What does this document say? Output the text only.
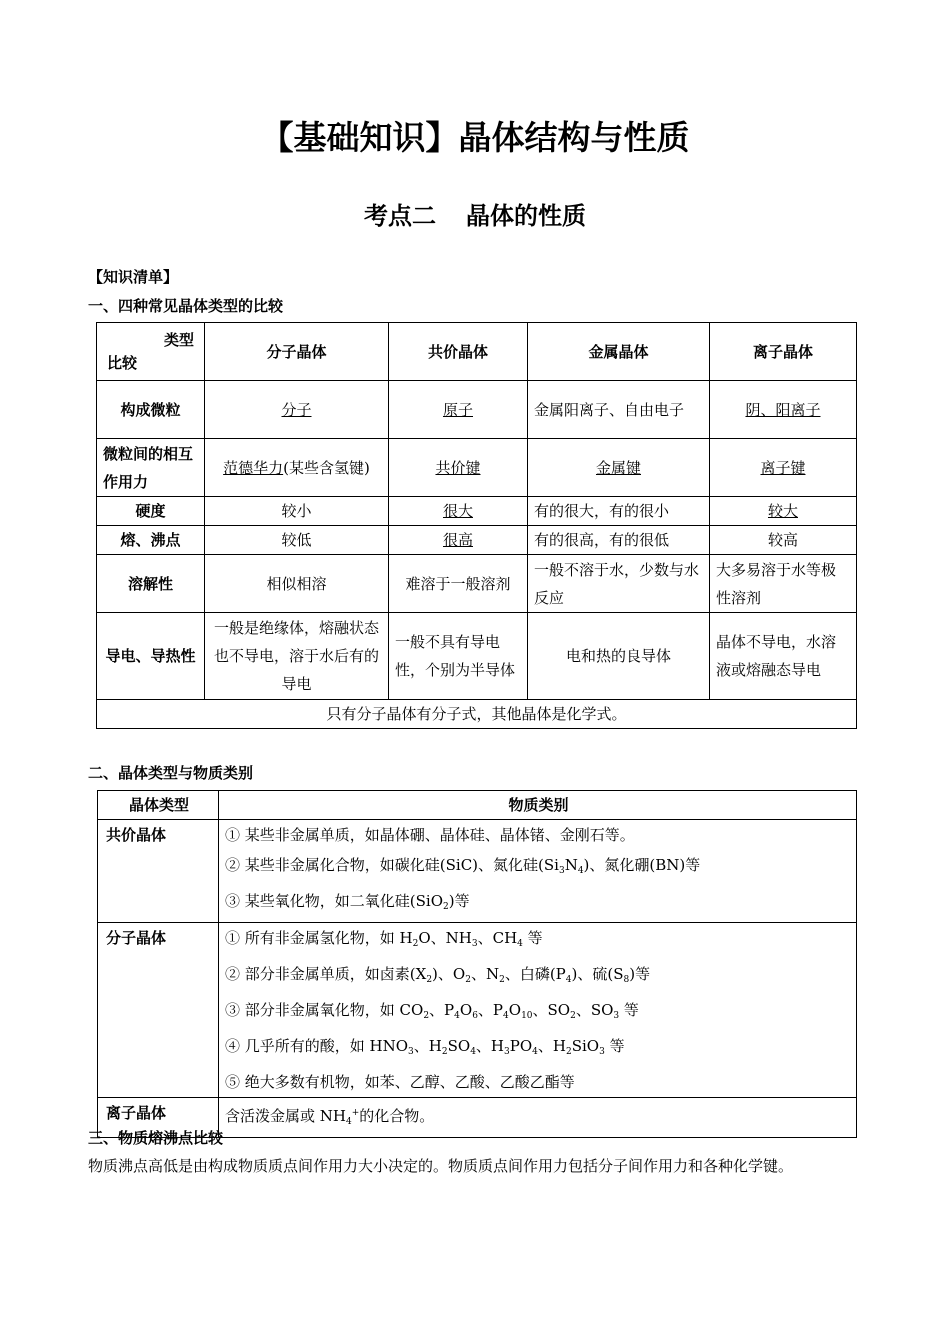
【基础知识】晶体结构与性质
考点二 晶体的性质
【知识清单】
一、四种常见晶体类型的比较
类型
比较	分子晶体	共价晶体	金属晶体	离子晶体
构成微粒	分子	原子	金属阳离子、自由电子	阴、阳离子
微粒间的相互作用力	范德华力(某些含氢键)	共价键	金属键	离子键
硬度	较小	很大	有的很大，有的很小	较大
熔、沸点	较低	很高	有的很高，有的很低	较高
溶解性	相似相溶	难溶于一般溶剂	一般不溶于水，少数与水反应	大多易溶于水等极性溶剂
导电、导热性	一般是绝缘体，熔融状态也不导电，溶于水后有的导电	一般不具有导电性，个别为半导体	电和热的良导体	晶体不导电，水溶液或熔融态导电
只有分子晶体有分子式，其他晶体是化学式。				
二、晶体类型与物质类别
晶体类型	物质类别
共价晶体	① 某些非金属单质，如晶体硼、晶体硅、晶体锗、金刚石等。
② 某些非金属化合物，如碳化硅(SiC)、氮化硅$(Si_3N_4)$、氮化硼(BN)等
③ 某些氧化物，如二氧化硅(SiO$_2$)等

分子晶体	① 所有非金属氢化物，如 $H_2O$、$NH_3$、$CH_4$ 等
② 部分非金属单质，如卤素$(X_2)$、$O_2$、$N_2$、白磷$(P_4)$、硫$(S_8)$等
③ 部分非金属氧化物，如 $CO_2$、$P_4O_6$、$P_4O_{10}$、$SO_2$、$SO_3$ 等
④ 几乎所有的酸，如 $HNO_3$、$H_2SO_4$、$H_3PO_4$、$H_2SiO_3$ 等
⑤ 绝大多数有机物，如苯、乙醇、乙酸、乙酸乙酯等

离子晶体	含活泼金属或 $NH_4^+$的化合物。
三、物质熔沸点比较
物质沸点高低是由构成物质质点间作用力大小决定的。物质质点间作用力包括分子间作用力和各种化学键。
